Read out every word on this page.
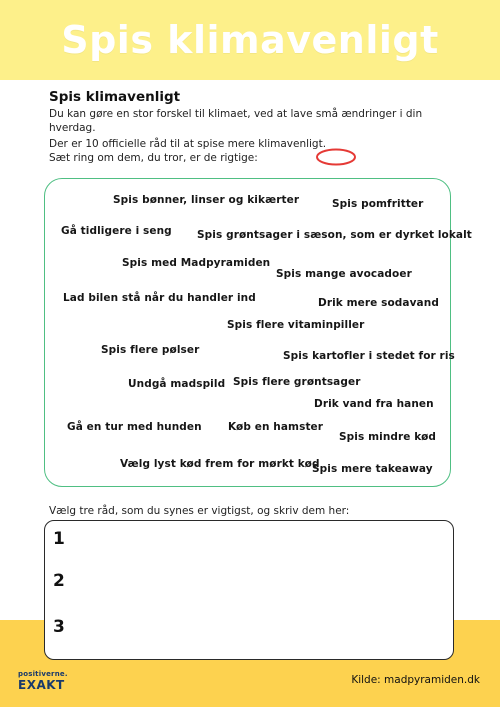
Spis klimavenligt
Spis klimavenligt
Du kan gøre en stor forskel til klimaet, ved at lave små ændringer i din hverdag.
Der er 10 officielle råd til at spise mere klimavenligt.
Sæt ring om dem, du tror, er de rigtige:
Spis bønner, linser og kikærter	Spis pomfritter
Gå tidligere i seng Spis grøntsager i sæson, som er dyrket lokalt
Spis med Madpyramiden
Spis mange avocadoer
Lad bilen stå når du handler ind	Drik mere sodavand
Spis flere vitaminpiller
Spis flere pølser	Spis kartofler i stedet for ris
Undgå madspild Spis flere grøntsager
Drik vand fra hanen
Gå en tur med hunden	Køb en hamster
Spis mindre kød
Vælg lyst kød frem for mørkt kød
Spis mere takeaway
Vælg tre råd, som du synes er vigtigst, og skriv dem her:
1
2
3
positiverne.
EXAKT	Kilde: madpyramiden.dk
